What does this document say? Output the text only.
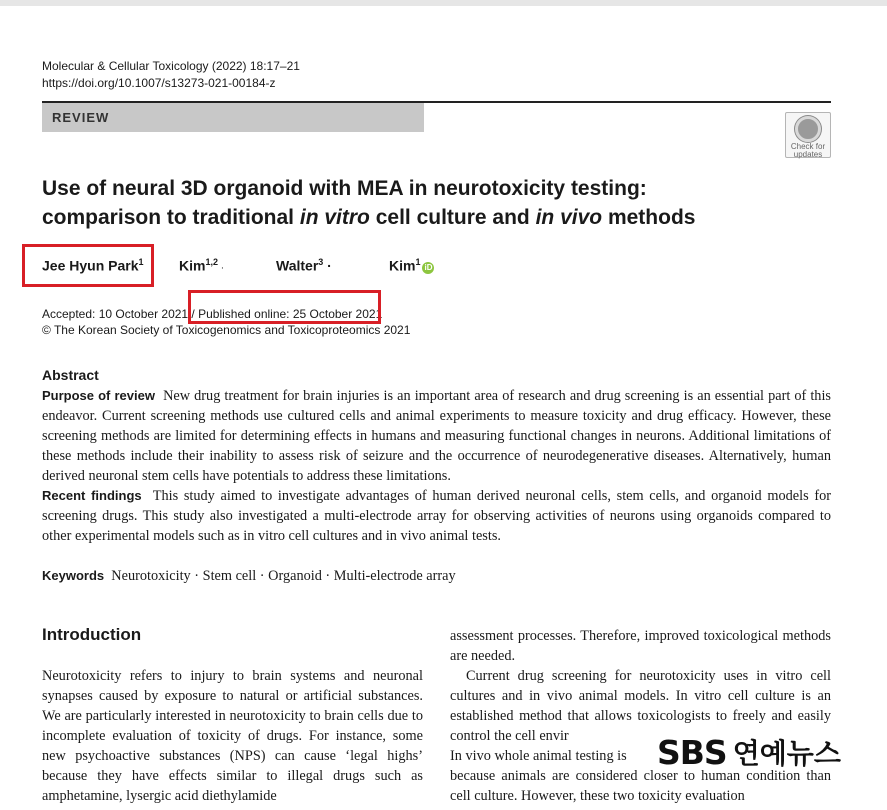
Molecular & Cellular Toxicology (2022) 18:17–21
https://doi.org/10.1007/s13273-021-00184-z
REVIEW
Check for
updates
Use of neural 3D organoid with MEA in neurotoxicity testing:
comparison to traditional in vitro cell culture and in vivo methods
Jee Hyun Park$^1$	Kim$^{1,2}$ ·	Walter$^3$ ·	Kim$^1$iD
Accepted: 10 October 2021 / Published online: 25 October 2021
© The Korean Society of Toxicogenomics and Toxicoproteomics 2021
Abstract
Purpose of review New drug treatment for brain injuries is an important area of research and drug screening is an essential part of this endeavor. Current screening methods use cultured cells and animal experiments to measure toxicity and drug efficacy. However, these screening methods are limited for determining effects in humans and measuring functional changes in neurons. Additional limitations of these methods include their inability to assess risk of seizure and the occurrence of neurodegenerative diseases. Alternatively, human derived neuronal stem cells have potentials to address these limitations.
Recent findings This study aimed to investigate advantages of human derived neuronal cells, stem cells, and organoid models for screening drugs. This study also investigated a multi-electrode array for observing activities of neurons using organoids compared to other experimental models such as in vitro cell cultures and in vivo animal tests.
Keywords Neurotoxicity · Stem cell · Organoid · Multi-electrode array
Introduction
Neurotoxicity refers to injury to brain systems and neuronal synapses caused by exposure to natural or artificial substances. We are particularly interested in neurotoxicity to brain cells due to incomplete evaluation of toxicity of drugs. For instance, some new psychoactive substances (NPS) can cause ‘legal highs’ because they have effects similar to illegal drugs such as amphetamine, lysergic acid diethylamide
assessment processes. Therefore, improved toxicological methods are needed.
Current drug screening for neurotoxicity uses in vitro cell cultures and in vivo animal models. In vitro cell culture is an established method that allows toxicologists to freely and easily control the cell envir
In vivo whole animal testing is
because animals are considered closer to human condition than cell culture. However, these two toxicity evaluation
SBS 연예뉴스
